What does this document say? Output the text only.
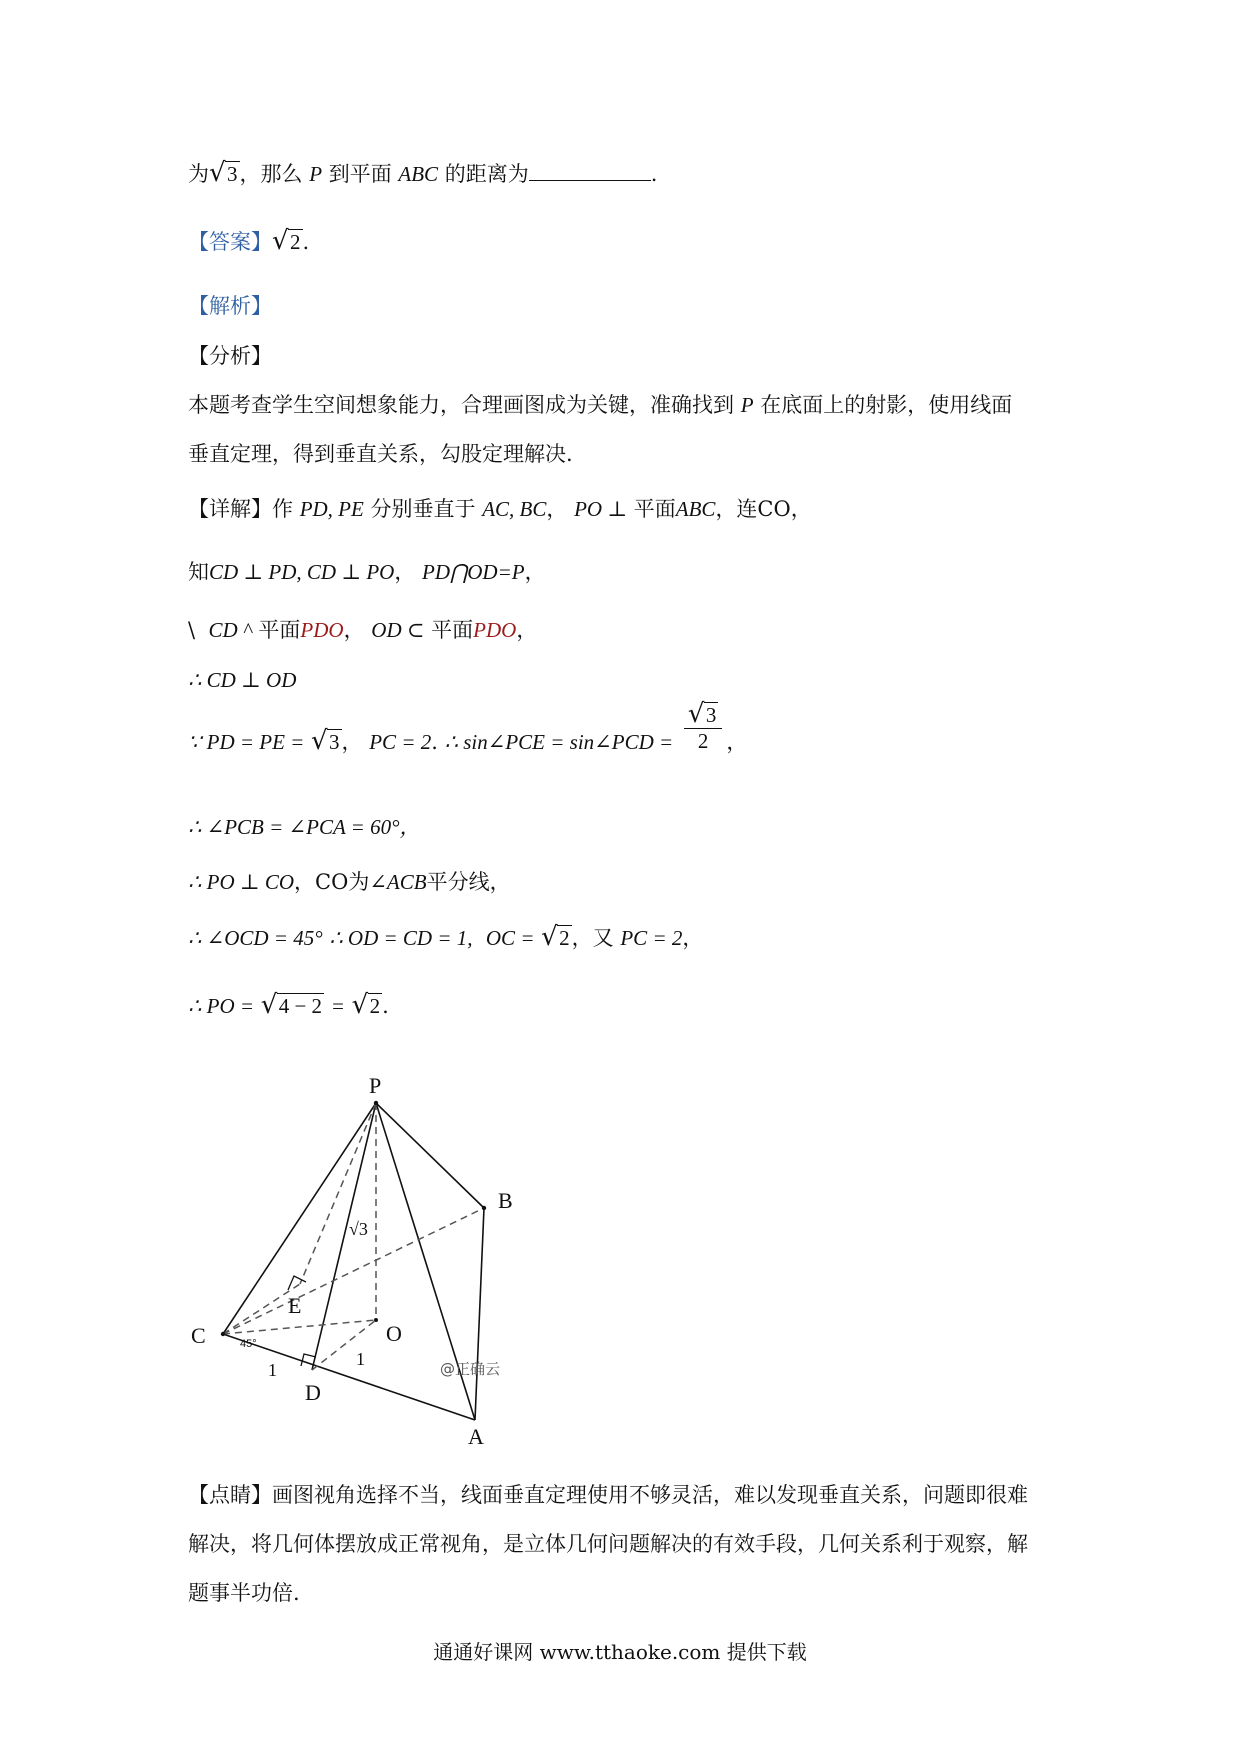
为 √ 3，那么 P 到平面 ABC 的距离为	.
【答案】 √ 2.
【解析】
【分析】
本题考查学生空间想象能力，合理画图成为关键，准确找到 P 在底面上的射影，使用线面
垂直定理，得到垂直关系，勾股定理解决.
【详解】作 PD, PE 分别垂直于 AC, BC， PO ⊥ 平面ABC，连CO，
知CD ⊥ PD, CD ⊥ PO， PD⋂OD=P，
\ CD ^ 平面PDO， OD ⊂ 平面PDO，
∴ CD ⊥ OD
∵ PD = PE = √ 3， PC = 2. ∴ sin∠PCE = sin∠PCD = $\frac{√ 3}{2}$ ，
∴ ∠PCB = ∠PCA = 60°，
∴ PO ⊥ CO，CO为∠ACB平分线，
∴ ∠OCD = 45° ∴ OD = CD = 1, OC = √ 2，又 PC = 2，
∴ PO = √ 4 − 2 = √ 2.
P
B
C	O
E
D
A
√3
45°
1
1	@正确云
【点睛】画图视角选择不当，线面垂直定理使用不够灵活，难以发现垂直关系，问题即很难
解决，将几何体摆放成正常视角，是立体几何问题解决的有效手段，几何关系利于观察，解
题事半功倍.
通通好课网 www.tthaoke.com 提供下载
